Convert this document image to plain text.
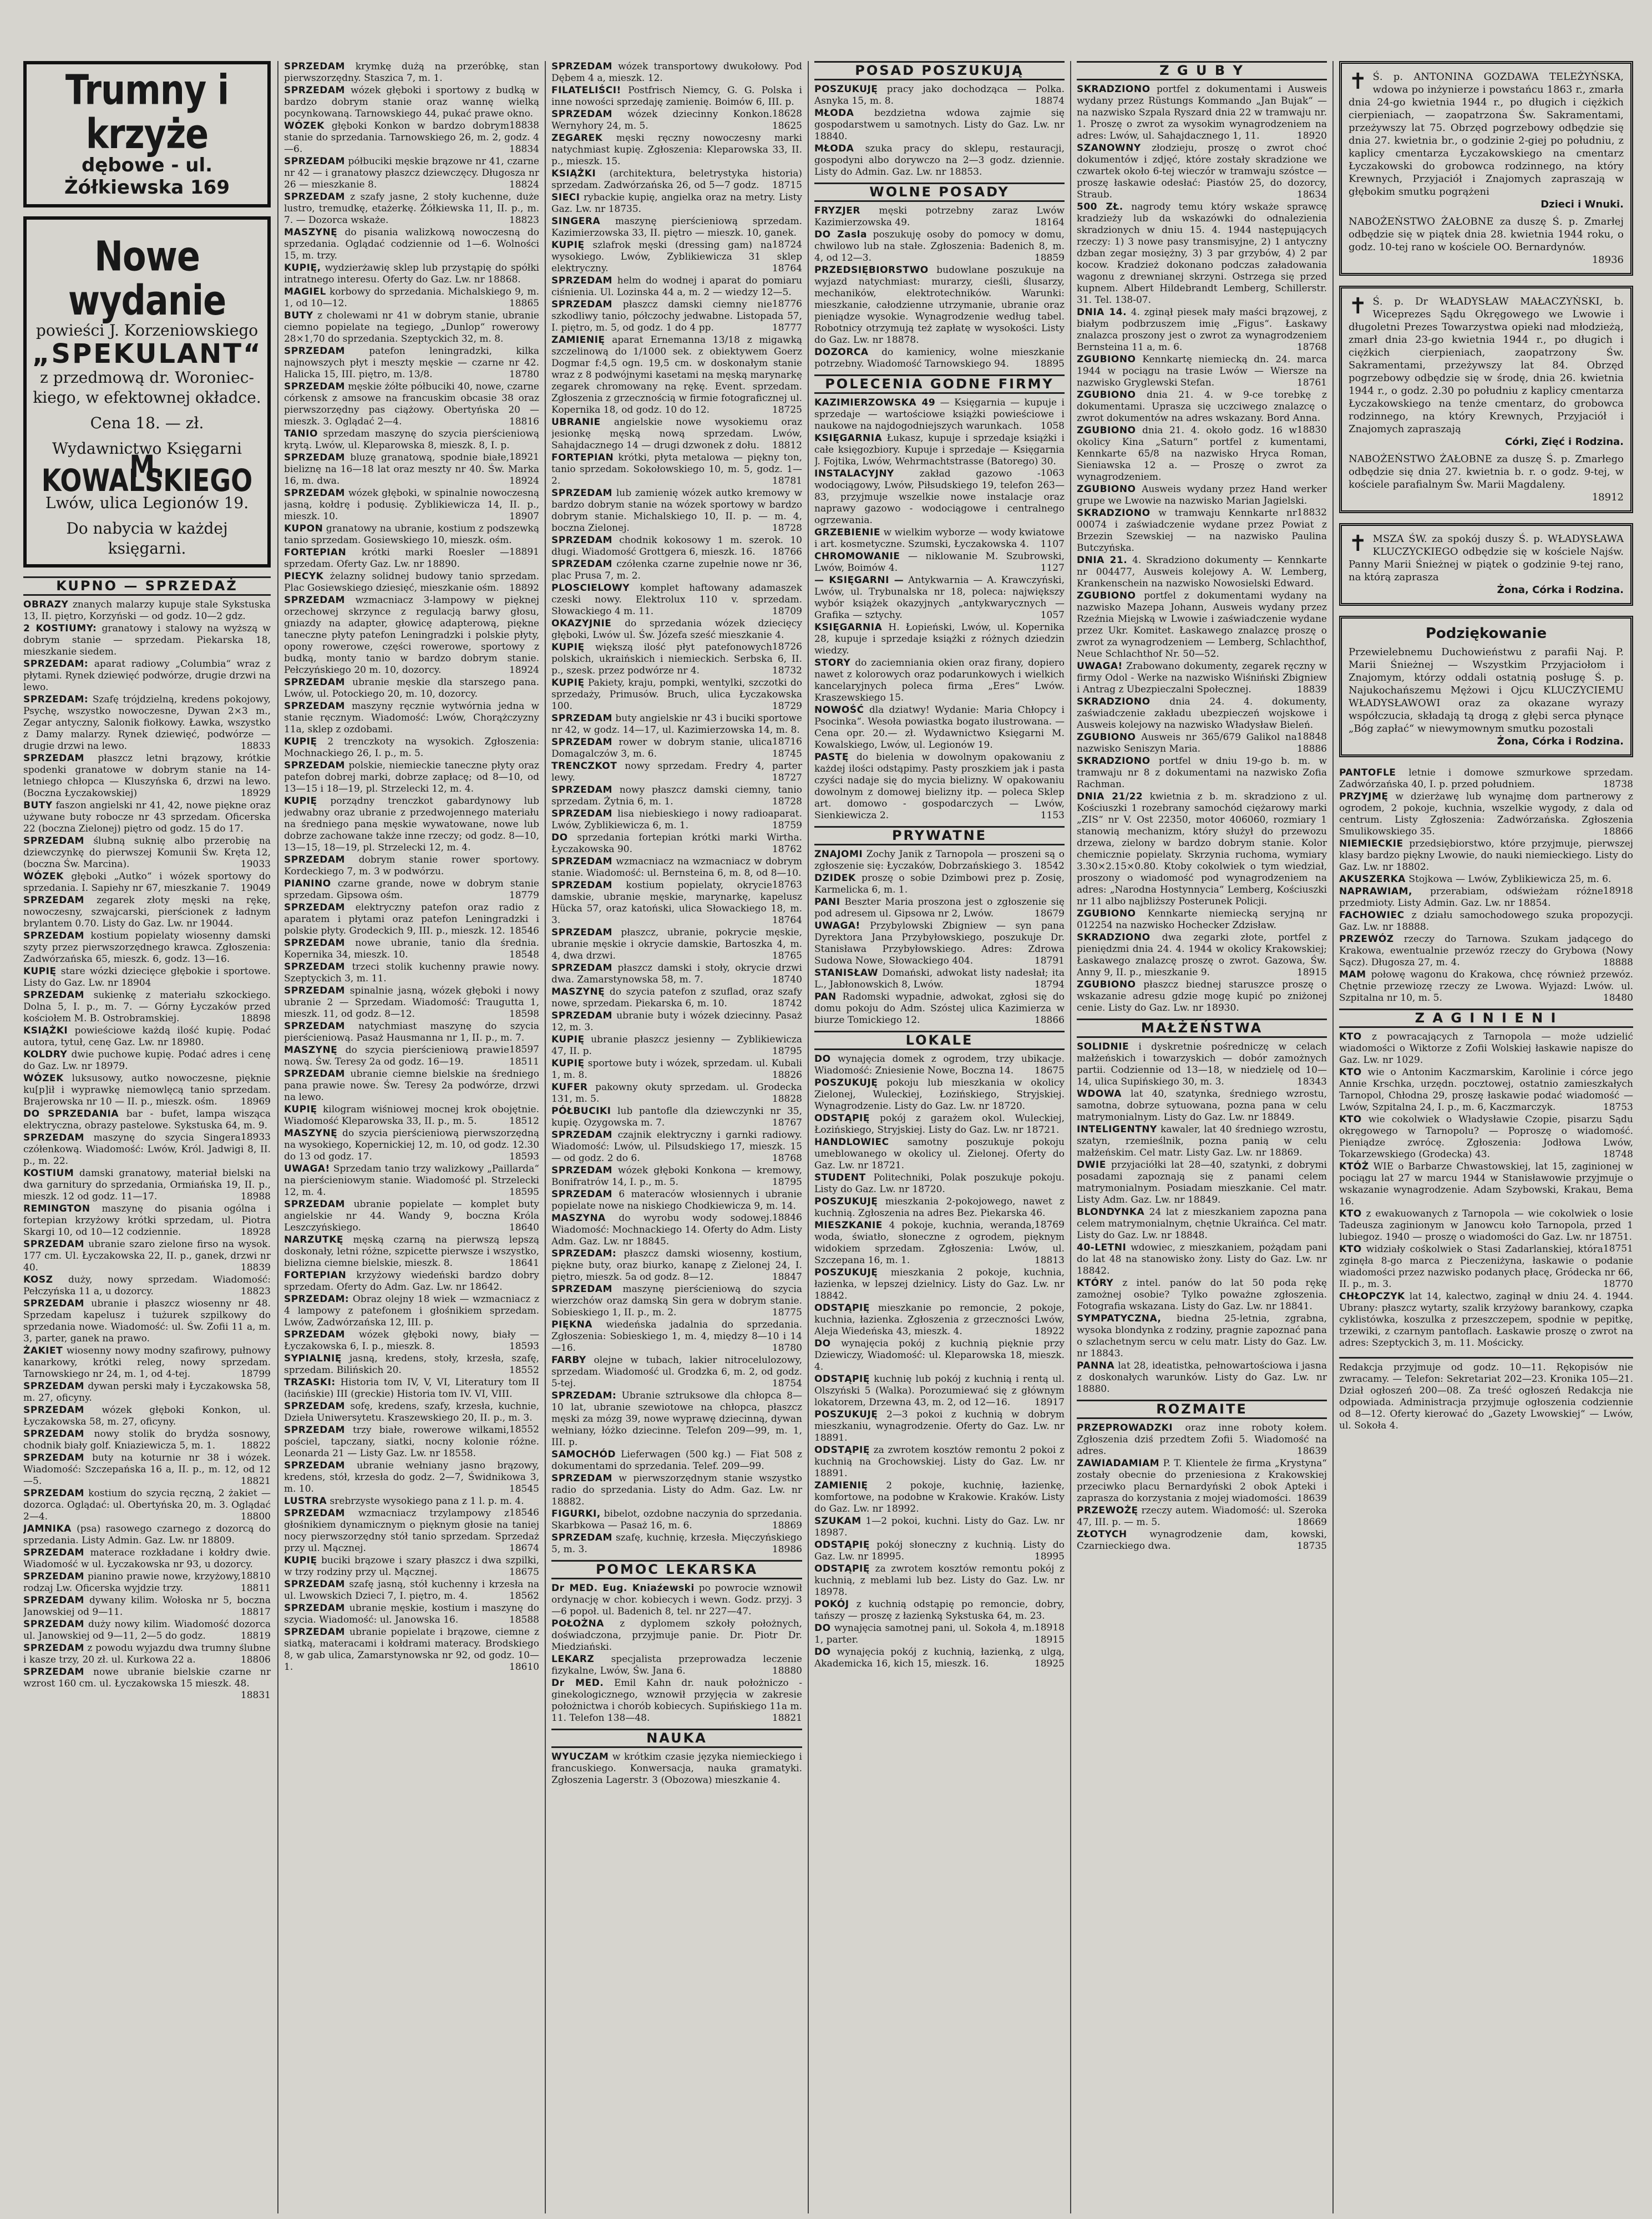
Trumny i krzyże
dębowe - ul. Żółkiewska 169
Nowe wydanie
powieści J. Korzeniowskiego
„SPEKULANT“
z przedmową dr. Woroniec-kiego, w efektownej okładce.
Cena 18. — zł.
Wydawnictwo Księgarni
M. KOWALSKIEGO
Lwów, ulica Legionów 19.
Do nabycia w każdej księgarni.
KUPNO — SPRZEDAŻ

OBRAZY znanych malarzy kupuje stale Sykstuska 13, II. piętro, Korzyński — od godz. 10—2 gdz.

2 KOSTIUMY: granatowy i stalowy na wyższą w dobrym stanie — sprzedam. Piekarska 18, mieszkanie siedem.

SPRZEDAM: aparat radiowy „Columbia“ wraz z płytami. Rynek dziewięć podwórze, drugie drzwi na lewo.

SPRZEDAM: Szafę trójdzielną, kredens pokojowy, Psychę, wszystko nowoczesne, Dywan 2×3 m., Zegar antyczny, Salonik fiołkowy. Ławka, wszystko z Damy malarzy. Rynek dziewięć, podwórze — drugie drzwi na lewo.	18833

SPRZEDAM płaszcz letni brązowy, krótkie spodenki granatowe w dobrym stanie na 14-letniego chłopca — Kluszyńska 6, drzwi na lewo. (Boczna Łyczakowskiej)	18929

BUTY faszon angielski nr 41, 42, nowe piękne oraz używane buty robocze nr 43 sprzedam. Oficerska 22 (boczna Zielonej) piętro od godz. 15 do 17.

SPRZEDAM ślubną suknię albo przerobię na dziewczynkę do pierwszej Komunii Św. Kręta 12, (boczna Św. Marcina).	19033

WÓZEK głęboki „Autko“ i wózek sportowy do sprzedania. I. Sapiehy nr 67, mieszkanie 7. 19049

SPRZEDAM zegarek złoty męski na rękę, nowoczesny, szwajcarski, pierścionek z ładnym brylantem 0.70. Listy do Gaz. Lw. nr 19044.

SPRZEDAM kostium popielaty wiosenny damski szyty przez pierwszorzędnego krawca. Zgłoszenia: Zadwórzańska 65, mieszk. 6, godz. 13—16.

KUPIĘ stare wózki dziecięce głębokie i sportowe. Listy do Gaz. Lw. nr 18904

SPRZEDAM sukienkę z materiału szkockiego. Dolna 5, I. p., m. 7. — Górny Łyczaków przed kościołem M. B. Ostrobramskiej.	18898

KSIĄŻKI powieściowe każdą ilość kupię. Podać autora, tytuł, cenę Gaz. Lw. nr 18980.

KOLDRY dwie puchowe kupię. Podać adres i cenę do Gaz. Lw. nr 18979.

WÓZEK luksusowy, autko nowoczesne, pięknie ku[p]ił i wyprawkę niemowlęcą tanio sprzedam. Brajerowska nr 10 — II. p., mieszk. ośm. 18969

DO SPRZEDANIA bar - bufet, lampa wisząca elektryczna, obrazy pastelowe. Sykstuska 64, m. 9.
18933

SPRZEDAM maszynę do szycia Singera czółenkową. Wiadomość: Lwów, Król. Jadwigi 8, II. p., m. 22.

KOSTIUM damski granatowy, materiał bielski na dwa garnitury do sprzedania, Ormiańska 19, II. p., mieszk. 12 od godz. 11—17.	18988

REMINGTON maszynę do pisania ogólna i fortepian krzyżowy krótki sprzedam, ul. Piotra Skargi 10, od 10—12 codziennie.	18928

SPRZEDAM ubranie szaro zielone firso na wysok. 177 cm. Ul. Łyczakowska 22, II. p., ganek, drzwi nr 40.	18839

KOSZ duży, nowy sprzedam. Wiadomość: Pełczyńska 11 a, u dozorcy.	18823

SPRZEDAM ubranie i płaszcz wiosenny nr 48. Sprzedam kapelusz i tużurek szpilkowy do sprzedania nowe. Wiadomość: ul. Św. Zofii 11 a, m. 3, parter, ganek na prawo.

ŻAKIET wiosenny nowy modny szafirowy, pułnowy kanarkowy, krótki releg, nowy sprzedam. Tarnowskiego nr 24, m. 1, od 4-tej.	18799

SPRZEDAM dywan perski mały i Łyczakowska 58, m. 27, oficyny.

SPRZEDAM wózek głęboki Konkon, ul. Łyczakowska 58, m. 27, oficyny.

SPRZEDAM nowy stolik do brydża sosnowy, chodnik biały golf. Kniaziewicza 5, m. 1.	18822

SPRZEDAM buty na koturnie nr 38 i wózek. Wiadomość: Szczepańska 16 a, II. p., m. 12, od 12—5.	18821

SPRZEDAM kostium do szycia ręczną, 2 żakiet — dozorca. Oglądać: ul. Obertyńska 20, m. 3. Oglądać 2—4.	18800

JAMNIKA (psa) rasowego czarnego z dozorcą do sprzedania. Listy Admin. Gaz. Lw. nr 18809.

SPRZEDAM materace rozkładane i kołdry dwie. Wiadomość w ul. Łyczakowska nr 93, u dozorcy.
18810

SPRZEDAM pianino prawie nowe, krzyżowy, rodzaj Lw. Oficerska wyjdzie trzy.	18811

SPRZEDAM dywany kilim. Wołoska nr 5, boczna Janowskiej od 9—11.	18817

SPRZEDAM duży nowy kilim. Wiadomość dozorca ul. Janowskiej od 9—11, 2—5 do godz.	18819

SPRZEDAM z powodu wyjazdu dwa trumny ślubne i kasze trzy, 20 zł. ul. Kurkowa 22 a.	18806

SPRZEDAM nowe ubranie bielskie czarne nr wzrost 160 cm. ul. Łyczakowska 15 mieszk. 48.
18831

SPRZEDAM krymkę dużą na przeróbkę, stan pierwszorzędny. Staszica 7, m. 1.

SPRZEDAM wózek głęboki i sportowy z budką w bardzo dobrym stanie oraz wannę wielką pocynkowaną. Tarnowskiego 44, pukać prawe okno.
18838

WÓZEK głęboki Konkon w bardzo dobrym stanie do sprzedania. Tarnowskiego 26, m. 2, godz. 4—6.	18834

SPRZEDAM półbuciki męskie brązowe nr 41, czarne nr 42 — i granatowy płaszcz dziewczęcy. Długosza nr 26 — mieszkanie 8.	18824

SPRZEDAM z szafy jasne, 2 stoły kuchenne, duże lustro, tremudkę, etażerkę. Żółkiewska 11, II. p., m. 7. — Dozorca wskaże.	18823

MASZYNĘ do pisania walizkową nowoczesną do sprzedania. Oglądać codziennie od 1—6. Wolności 15, m. trzy.

KUPIĘ, wydzierżawię sklep lub przystąpię do spółki intratnego interesu. Oferty do Gaz. Lw. nr 18868.

MAGIEL korbowy do sprzedania. Michalskiego 9, m. 1, od 10—12.	18865

BUTY z cholewami nr 41 w dobrym stanie, ubranie ciemno popielate na tegiego, „Dunlop“ rowerowy 28×1,70 do sprzedania. Szeptyckich 32, m. 8.

SPRZEDAM patefon leningradzki, kilka najnowszych płyt i meszty męskie — czarne nr 42. Halicka 15, III. piętro, m. 13/8.	18780

SPRZEDAM męskie żółte półbuciki 40, nowe, czarne córkensk z amsowe na francuskim obcasie 38 oraz pierwszorzędny pas ciążowy. Obertyńska 20 — mieszk. 3. Oglądać 2—4.	18816

TANIO sprzedam maszynę do szycia pierścieniową krytą. Lwów, ul. Kleparowska 8, mieszk. 8, I. p.
18921

SPRZEDAM bluzę granatową, spodnie białe, bieliznę na 16—18 lat oraz meszty nr 40. Św. Marka 16, m. dwa.	18924

SPRZEDAM wózek głęboki, w spinalnie nowoczesną jasną, kołdrę i podusię. Zyblikiewicza 14, II. p., mieszk. 10.	18907

KUPON granatowy na ubranie, kostium z podszewką tanio sprzedam. Gosiewskiego 10, mieszk. ośm.
18891

FORTEPIAN krótki marki Roesler — sprzedam. Oferty Gaz. Lw. nr 18890.

PIECYK żelazny solidnej budowy tanio sprzedam. Plac Gosiewskiego dziesięć, mieszkanie ośm. 18892

SPRZEDAM wzmacniacz 3-lampowy w pięknej orzechowej skrzynce z regulacją barwy głosu, gniazdy na adapter, głowicę adapterową, piękne taneczne płyty patefon Leningradzki i polskie płyty, opony rowerowe, części rowerowe, sportowy z budką, monty tanio w bardzo dobrym stanie. Pełczyńskiego 20 m. 10, dozorcy.	18924

SPRZEDAM ubranie męskie dla starszego pana. Lwów, ul. Potockiego 20, m. 10, dozorcy.

SPRZEDAM maszyny ręcznie wytwórnia jedna w stanie ręcznym. Wiadomość: Lwów, Chorążczyzny 11a, skleр z ozdobami.

KUPIĘ 2 trenczkoty na wysokich. Zgłoszenia: Mochnackiego 26, I. p., m. 5.

SPRZEDAM polskie, niemieckie taneczne płyty oraz patefon dobrej marki, dobrze zapłacę; od 8—10, od 13—15 i 18—19, pl. Strzelecki 12, m. 4.

KUPIĘ porządny trenczkot gabardynowy lub jedwabny oraz ubranie z przedwojennego materiału na średniego pana męskie wywatowane, nowe lub dobrze zachowane także inne rzeczy; od godz. 8—10, 13—15, 18—19, pl. Strzelecki 12, m. 4.

SPRZEDAM dobrym stanie rower sportowy. Kordeckiego 7, m. 3 w podwórzu.

PIANINO czarne grande, nowe w dobrym stanie sprzedam. Gipsowa ośm.	18779

SPRZEDAM elektryczny patefon oraz radio z aparatem i płytami oraz patefon Leningradzki i polskie płyty. Grodeckich 9, III. p., mieszk. 12. 18546

SPRZEDAM nowe ubranie, tanio dla średnia. Kopernika 34, mieszk. 10.	18548

SPRZEDAM trzeci stolik kuchenny prawie nowy. Szeptyckich 3, m. 11.

SPRZEDAM spinalnie jasną, wózek głęboki i nowy ubranie 2 — Sprzedam. Wiadomość: Traugutta 1, mieszk. 11, od godz. 8—12.	18598

SPRZEDAM natychmiast maszynę do szycia pierścieniową. Pasaż Hausmanna nr 1, II. p., m. 7.
18597

MASZYNĘ do szycia pierścieniową prawie nową. Św. Teresy 2a od godz. 16—19.	18511

SPRZEDAM ubranie ciemne bielskie na średniego pana prawie nowe. Św. Teresy 2a podwórze, drzwi na lewo.

KUPIĘ kilogram wiśniowej mocnej krok obojętnie. Wiadomość Kleparowska 33, II. p., m. 5.	18512

MASZYNĘ do szycia pierścieniową pierwszorzędną na wysokiego, Kopernickiej 12, m. 10, od godz. 12.30 do 13 od godz. 17.	18593

UWAGA! Sprzedam tanio trzy walizkowy „Paillarda“ na pierścieniowym stanie. Wiadomość pl. Strzelecki 12, m. 4.	18595

SPRZEDAM ubranie popielate — komplet buty angielskie nr 44. Wandy 9, boczna Króla Leszczyńskiego.	18640

NARZUTKĘ męską czarną na pierwszą lepszą doskonały, letni różne, szpicette pierwsze i wszystko, bielizna ciemne bielskie, mieszk. 8.	18641

FORTEPIAN krzyżowy wiedeński bardzo dobry sprzedam. Oferty do Adm. Gaz. Lw. nr 18642.

SPRZEDAM: Obraz olejny 18 wiek — wzmacniacz z 4 lampowy z patefonem i głośnikiem sprzedam. Lwów, Zadwórzańska 12, III. p.

SPRZEDAM wózek głęboki nowy, biały — Łyczakowska 6, I. p., mieszk. 8.	18593

SYPIALNIĘ jasną, kredens, stoły, krzesła, szafę, sprzedam. Bilińskich 20.	18552

TRZASKI: Historia tom IV, V, VI, Literatury tom II (łacińskie) III (greckie) Historia tom IV. VI, VIII.

SPRZEDAM sofę, kredens, szafy, krzesła, kuchnie, Dzieła Uniwersytetu. Kraszewskiego 20, II. p., m. 3.
18552

SPRZEDAM trzy białe, rowerowe wilkami, pościel, tapczany, siatki, nocny kolonie różne. Leonarda 21 — Listy Gaz. Lw. nr 18558.

SPRZEDAM ubranie wełniany jasno brązowy, kredens, stół, krzesła do godz. 2—7, Świdnikowa 3, m. 10.	18545

LUSTRA srebrzyste wysokiego pana z 1 l. p. m. 4.
18546

SPRZEDAM wzmacniacz trzylampowy z głośnikiem dynamicznym o pięknym głosie na taniej nocy pierwszorzędny stół tanio sprzedam. Sprzedaż przy ul. Mącznej.	18674

KUPIĘ buciki brązowe i szary płaszcz i dwa szpilki, w trzy rodziny przy ul. Mącznej.	18675

SPRZEDAM szafę jasną, stół kuchenny i krzesła na ul. Lwowskich Dzieci 7, I. piętro, m. 4.	18562

SPRZEDAM ubranie męskie, kostium i maszynę do szycia. Wiadomość: ul. Janowska 16.	18588

SPRZEDAM ubranie popielate i brązowe, ciemne z siatką, materacami i kołdrami materacy. Brodskiego 8, w gab ulica, Zamarstynowska nr 92, od godz. 10—1.	18610

SPRZEDAM wózek transportowy dwukołowy. Pod Dębem 4 a, mieszk. 12.

FILATELIŚCI! Postfrisch Niemcy, G. G. Polska i inne nowości sprzedaję zamienię. Boimów 6, III. p.
18628

SPRZEDAM wózek dziecinny Konkon. Wernyhory 24, m. 5.	18625

ZEGAREK męski ręczny nowoczesny marki natychmiast kupię. Zgłoszenia: Kleparowska 33, II. p., mieszk. 15.

KSIĄŻKI (architektura, beletrystyka historia) sprzedam. Zadwórzańska 26, od 5—7 godz. 18715

SIECI rybackie kupię, angielka oraz na metry. Listy Gaz. Lw. nr 18735.

SINGERA maszynę pierścieniową sprzedam. Kazimierzowska 33, II. piętro — mieszk. 10, ganek.
18724

KUPIĘ szlafrok męski (dressing gam) na wysokiego. Lwów, Zyblikiewicza 31 sklep elektryczny.	18764

SPRZEDAM helm do wodnej i aparat do pomiaru ciśnienia. Ul. Lozinska 44 a, m. 2 — wiedzy 12—5.
18776

SPRZEDAM płaszcz damski ciemny nie szkodliwy tanio, półczochy jedwabne. Listopada 57, I. piętro, m. 5, od godz. 1 do 4 pp.	18777

ZAMIENIĘ aparat Ernemanna 13/18 z migawką szczelinową do 1/1000 sek. z obiektywem Goerz Dogmar f:4,5 ogn. 19,5 cm. w doskonałym stanie wraz z 8 podwójnymi kasetami na męską marynarkę zegarek chromowany na rękę. Event. sprzedam. Zgłoszenia z grzecznością w firmie fotograficznej ul. Kopernika 18, od godz. 10 do 12.	18725

UBRANIE angielskie nowe wysokiemu oraz jesionkę męską nową sprzedam. Lwów, Sahajdacznego 14 — drugi dzwonek z dołu. 18812

FORTEPIAN krótki, płyta metalowa — piękny ton, tanio sprzedam. Sokołowskiego 10, m. 5, godz. 1—2.	18781

SPRZEDAM lub zamienię wózek autko kremowy w bardzo dobrym stanie na wózek sportowy w bardzo dobrym stanie. Michalskiego 10, II. p. — m. 4, boczna Zielonej.	18728

SPRZEDAM chodnik kokosowy 1 m. szerok. 10 długi. Wiadomość Grottgera 6, mieszk. 16. 18766

SPRZEDAM czółenka czarne zupełnie nowe nr 36, plac Prusa 7, m. 2.

PLOSCIELOWY komplet haftowany adamaszek czeski nowy. Elektrolux 110 v. sprzedam. Słowackiego 4 m. 11.	18709

OKAZYJNIE do sprzedania wózek dziecięcy głęboki, Lwów ul. Św. Józefa sześć mieszkanie 4.
18726

KUPIĘ większą ilość płyt patefonowych polskich, ukraińskich i niemieckich. Serbska 6, II. p., szesk. przez podwórze nr 4.	18732

KUPIĘ Pakiety, kraju, pompki, wentylki, szczotki do sprzedaży, Primusów. Bruch, ulica Łyczakowska 100.	18729

SPRZEDAM buty angielskie nr 43 i buciki sportowe nr 42, w godz. 14—17, ul. Kazimierzowska 14, m. 8.
18716

SPRZEDAM rower w dobrym stanie, ulica Domagalczów 3, m. 6.	18745

TRENCZKOT nowy sprzedam. Fredry 4, parter lewy.	18727

SPRZEDAM nowy płaszcz damski ciemny, tanio sprzedam. Żytnia 6, m. 1.	18728

SPRZEDAM lisa niebieskiego i nowy radioaparat. Lwów, Zyblikiewicza 6, m. 1.	18759

DO sprzedania fortepian krótki marki Wirtha. Łyczakowska 90.	18762

SPRZEDAM wzmacniacz na wzmacniacz w dobrym stanie. Wiadomość: ul. Bernsteina 6, m. 8, od 8—10.
18763

SPRZEDAM kostium popielaty, okrycie damskie, ubranie męskie, marynarkę, kapelusz Hücka 57, oraz katoński, ulica Słowackiego 18, m. 3.	18764

SPRZEDAM płaszcz, ubranie, pokrycie męskie, ubranie męskie i okrycie damskie, Bartoszka 4, m. 4, dwa drzwi.	18765

SPRZEDAM płaszcz damski i stoły, okrycie drzwi dwa. Zamarstynowska 58, m. 7.	18740

MASZYNĘ do szycia patefon z szuflad, oraz szafy nowe, sprzedam. Piekarska 6, m. 10.	18742

SPRZEDAM ubranie buty i wózek dziecinny. Pasaż 12, m. 3.

KUPIĘ ubranie płaszcz jesienny — Zyblikiewicza 47, II. p.	18795

KUPIĘ sportowe buty i wózek, sprzedam. ul. Kubali 1, m. 8.	18826

KUFER pakowny okuty sprzedam. ul. Grodecka 131, m. 5.	18828

PÓŁBUCIKI lub pantofle dla dziewczynki nr 35, kupię. Ozygowska m. 7.	18767

SPRZEDAM czajnik elektryczny i garnki radiowy. Wiadomość: Lwów, ul. Pilsudskiego 17, mieszk. 15 — od godz. 2 do 6.	18768

SPRZEDAM wózek głęboki Konkona — kremowy, Bonifratrów 14, I. p., m. 5.	18795

SPRZEDAM 6 materaców włosiennych i ubranie popielate nowe na niskiego Chodkiewicza 9, m. 14.
18846

MASZYNA do wyrobu wody sodowej. Wiadomość: Mochnackiego 14. Oferty do Adm. Listy Adm. Gaz. Lw. nr 18845.

SPRZEDAM: płaszcz damski wiosenny, kostium, piękne buty, oraz biurko, kanapę z Zielonej 24, I. piętro, mieszk. 5a od godz. 8—12.	18847

SPRZEDAM maszynę pierścieniową do szycia wierzchów oraz damską Sin gera w dobrym stanie. Sobieskiego 1, II. p., m. 2.	18775

PIĘKNA wiedeńska jadalnia do sprzedania. Zgłoszenia: Sobieskiego 1, m. 4, między 8—10 i 14—16.	18780

FARBY olejne w tubach, lakier nitrocelulozowy, sprzedam. Wiadomość ul. Grodzka 6, m. 2, od godz. 5-tej.	18754

SPRZEDAM: Ubranie sztruksowe dla chłopca 8—10 lat, ubranie szewiotowe na chłopca, płaszcz męski za mózg 39, nowe wyprawę dziecinną, dywan wełniany, łóżko dziecinne. Telefon 209—99, m. 1, III. p.

SAMOCHÓD Lieferwagen (500 kg.) — Fiat 508 z dokumentami do sprzedania. Telef. 209—99.

SPRZEDAM w pierwszorzędnym stanie wszystko radio do sprzedania. Listy do Adm. Gaz. Lw. nr 18882.

FIGURKI, bibelot, ozdobne naczynia do sprzedania. Skarbkowa — Pasaż 16, m. 6.	18869

SPRZEDAM szafę, kuchnię, krzesła. Mięczyńskiego 5, m. 3.	18986

POMOC LEKARSKA

Dr MED. Eug. Kniaźewski po powrocie wznowił ordynację w chor. kobiecych i wewn. Godz. przyj. 3—6 popoł. ul. Badenich 8, tel. nr 227—47.

POŁOŻNA z dyplomem szkoły położnych, doświadczona, przyjmuje panie. Dr. Piotr Dr. Miedziański.

LEKARZ specjalista przeprowadza leczenie fizykalne, Lwów, Św. Jana 6.	18880

Dr MED. Emil Kahn dr. nauk położniczo - ginekologicznego, wznowił przyjęcia w zakresie położnictwa i chorób kobiecych. Supińskiego 11a m. 11. Telefon 138—48.	18821

NAUKA

WYUCZAM w krótkim czasie języka niemieckiego i francuskiego. Konwersacja, nauka gramatyki. Zgłoszenia Lagerstr. 3 (Obozowa) mieszkanie 4.

POSAD POSZUKUJĄ

POSZUKUJĘ pracy jako dochodząca — Polka. Asnyka 15, m. 8.	18874

MŁODA bezdzietna wdowa zajmie się gospodarstwem u samotnych. Listy do Gaz. Lw. nr 18840.

MŁODA szuka pracy do sklepu, restauracji, gospodyni albo dorywczo na 2—3 godz. dziennie. Listy do Admin. Gaz. Lw. nr 18853.

WOLNE POSADY

FRYZJER męski potrzebny zaraz Lwów Kazimierzowska 49.	18164

DO Zasla poszukuję osoby do pomocy w domu, chwilowo lub na stałe. Zgłoszenia: Badenich 8, m. 4, od 12—3.	18859

PRZEDSIĘBIORSTWO budowlane poszukuje na wyjazd natychmiast: murarzy, cieśli, ślusarzy, mechaników, elektrotechników. Warunki: mieszkanie, całodzienne utrzymanie, ubranie oraz pieniądze wysokie. Wynagrodzenie według tabel. Robotnicy otrzymują też zapłatę w wysokości. Listy do Gaz. Lw. nr 18878.

DOZORCA do kamienicy, wolne mieszkanie potrzebny. Wiadomość Tarnowskiego 94.	18895

POLECENIA GODNE FIRMY

KAZIMIERZOWSKA 49 — Księgarnia — kupuje i sprzedaje — wartościowe książki powieściowe i naukowe na najdogodniejszych warunkach. 1058

KSIĘGARNIA Łukasz, kupuje i sprzedaje książki i całe księgozbiory. Kupuje i sprzedaje — Księgarnia J. Fojtika, Lwów, Wehrmachtstrasse (Batorego) 30.
1063

INSTALACYJNY zakład gazowo - wodociągowy, Lwów, Piłsudskiego 19, telefon 263—83, przyjmuje wszelkie nowe instalacje oraz naprawy gazowo - wodociągowe i centralnego ogrzewania.

GRZEBIENIE w wielkim wyborze — wody kwiatowe i art. kosmetyczne. Szumski, Łyczakowska 4. 1107

CHROMOWANIE — niklowanie M. Szubrowski, Lwów, Boimów 4.	1127

— KSIĘGARNI — Antykwarnia — A. Krawczyński, Lwów, ul. Trybunalska nr 18, poleca: największy wybór książek okazyjnych „antykwarycznych — Grafika — sztychy.	1057

KSIĘGARNIA H. Łopieński, Lwów, ul. Kopernika 28, kupuje i sprzedaje książki z różnych dziedzin wiedzy.

STORY do zaciemniania okien oraz firany, dopiero nawet z kolorowych oraz podarunkowych i wielkich kancelaryjnych poleca firma „Eres“ Lwów. Kraszewskiego 15.

NOWOŚĆ dla dziatwy! Wydanie: Maria Chłopcy i Psocinka“. Wesoła powiastka bogato ilustrowana. — Cena opr. 20.— zł. Wydawnictwo Księgarni M. Kowalskiego, Lwów, ul. Legionów 19.

PASTĘ do bielenia w dowolnym opakowaniu z każdej ilości odstąpimy. Pasty proszkiem jak i pasta czyści nadaje się do mycia bielizny. W opakowaniu dowolnym z domowej bielizny itp. — poleca Sklep art. domowo - gospodarczych — Lwów, Sienkiewicza 2.	1153

PRYWATNE

ZNAJOMI Zochy Janik z Tarnopola — proszeni są o zgłoszenie się: Łyczaków, Dobrzańskiego 3. 18542

DZIDEK proszę o sobie Dzimbowi prez p. Zosię, Karmelicka 6, m. 1.

PANI Beszter Maria proszona jest o zgłoszenie się pod adresem ul. Gipsowa nr 2, Lwów.	18679

UWAGA! Przybylowski Zbigniew — syn pana Dyrektora Jana Przybyłowskiego, poszukuje Dr. Stanisława Przybyłowskiego. Adres: Zdrowa Sudowa Nowe, Słowackiego 404.	18791

STANISŁAW Domański, adwokat listy nadesłał; ita L., Jabłonowskich 8, Lwów.	18794

PAN Radomski wypadnie, adwokat, zgłosi się do domu pokoju do Adm. Szóstej ulica Kazimierza w biurze Tomickiego 12.	18866

LOKALE

DO wynajęcia domek z ogrodem, trzy ubikacje. Wiadomość: Zniesienie Nowe, Boczna 14. 18675

POSZUKUJĘ pokoju lub mieszkania w okolicy Zielonej, Wuleckiej, Łozińskiego, Stryjskiej. Wynagrodzenie. Listy do Gaz. Lw. nr 18720.

ODSTĄPIĘ pokój z garażem okol. Wuleckiej, Łozińskiego, Stryjskiej. Listy do Gaz. Lw. nr 18721.

HANDLOWIEC samotny poszukuje pokoju umeblowanego w okolicy ul. Zielonej. Oferty do Gaz. Lw. nr 18721.

STUDENT Politechniki, Polak poszukuje pokoju. Listy do Gaz. Lw. nr 18720.

POSZUKUJĘ mieszkania 2-pokojowego, nawet z kuchnią. Zgłoszenia na adres Bez. Piekarska 46.
18769

MIESZKANIE 4 pokoje, kuchnia, weranda, woda, światło, słoneczne z ogrodem, pięknym widokiem sprzedam. Zgłoszenia: Lwów, ul. Szczepana 16, m. 1.	18813

POSZUKUJĘ mieszkania 2 pokoje, kuchnia, łazienka, w lepszej dzielnicy. Listy do Gaz. Lw. nr 18842.

ODSTĄPIĘ mieszkanie po remoncie, 2 pokoje, kuchnia, łazienka. Zgłoszenia z grzeczności Lwów, Aleja Wiedeńska 43, mieszk. 4.	18922

DO wynajęcia pokój z kuchnią pięknie przy Dziewiczy, Wiadomość: ul. Kleparowska 18, mieszk. 4.

ODSTĄPIĘ kuchnię lub pokój z kuchnią i rentą ul. Olszyński 5 (Walka). Porozumiewać się z głównym lokatorem, Drzewna 43, m. 2, od 12—16.	18917

POSZUKUJĘ 2—3 pokoi z kuchnią w dobrym mieszkaniu, wynagrodzenie. Oferty do Gaz. Lw. nr 18891.

ODSTĄPIĘ za zwrotem kosztów remontu 2 pokoi z kuchnią na Grochowskiej. Listy do Gaz. Lw. nr 18891.

ZAMIENIĘ 2 pokoje, kuchnię, łazienkę, komfortowe, na podobne w Krakowie. Kraków. Listy do Gaz. Lw. nr 18992.

SZUKAM 1—2 pokoi, kuchni. Listy do Gaz. Lw. nr 18987.

ODSTĄPIĘ pokój słoneczny z kuchnią. Listy do Gaz. Lw. nr 18995.	18995

ODSTĄPIĘ za zwrotem kosztów remontu pokój z kuchnią, z meblami lub bez. Listy do Gaz. Lw. nr 18978.

POKÓJ z kuchnią odstąpię po remoncie, dobry, tańszy — proszę z łazienką Sykstuska 64, m. 23.
18918

DO wynajęcia samotnej pani, ul. Sokoła 4, m. 1, parter.	18915

DO wynajęcia pokój z kuchnią, łazienką, z ulgą, Akademicka 16, kich 15, mieszk. 16.	18925

Z G U B Y

SKRADZIONO portfel z dokumentami i Ausweis wydany przez Rüstungs Kommando „Jan Bujak“ — na nazwisko Szpala Ryszard dnia 22 w tramwaju nr. 1. Proszę o zwrot za wysokim wynagrodzeniem na adres: Lwów, ul. Sahajdacznego 1, 11.	18920

SZANOWNY złodzieju, proszę o zwrot choć dokumentów i zdjęć, które zostały skradzione we czwartek około 6-tej wieczór w tramwaju szóstce — proszę łaskawie odesłać: Piastów 25, do dozorcy, Straub.	18634

500 ZŁ. nagrody temu który wskaże sprawcę kradzieży lub da wskazówki do odnalezienia skradzionych w dniu 15. 4. 1944 następujących rzeczy: 1) 3 nowe pasy transmisyjne, 2) 1 antyczny dzban zegar mosiężny, 3) 3 par grzybów, 4) 2 par kocow. Kradzież dokonano podczas załadowania wagonu z drewnianej skrzyni. Ostrzega się przed kupnem. Albert Hildebrandt Lemberg, Schillerstr. 31. Tel. 138-07.

DNIA 14. 4. zginął piesek mały maści brązowej, z białym podbrzuszem imię „Figus“. Łaskawy znalazca proszony jest o zwrot za wynagrodzeniem Bernsteina 11 a, m. 6.	18768

ZGUBIONO Kennkartę niemiecką dn. 24. marca 1944 w pociągu na trasie Lwów — Wiersze na nazwisko Gryglewski Stefan.	18761

ZGUBIONO dnia 21. 4. w 9-ce torebkę z dokumentami. Uprasza się uczciwego znalazcę o zwrot dokumentów na adres wskazany. Bord Anna.
18830

ZGUBIONO dnia 21. 4. około godz. 16 w okolicy Kina „Saturn“ portfel z kumentami, Kennkarte 65/8 na nazwisko Hryca Roman, Sieniawska 12 a. — Proszę o zwrot za wynagrodzeniem.

ZGUBIONO Ausweis wydany przez Hand werker grupe we Lwowie na nazwisko Marian Jagielski.
18832

SKRADZIONO w tramwaju Kennkarte nr 00074 i zaświadczenie wydane przez Powiat z Brzezin Szewskiej — na nazwisko Paulina Butczyńska.

DNIA 21. 4. Skradziono dokumenty — Kennkarte nr 004477, Ausweis kolejowy A. W. Lemberg, Krankenschein na nazwisko Nowosielski Edward.

ZGUBIONO portfel z dokumentami wydany na nazwisko Mazepa Johann, Ausweis wydany przez Rzeźnia Miejską w Lwowie i zaświadczenie wydane przez Ukr. Komitet. Łaskawego znalazcę proszę o zwrot za wynagrodzeniem — Lemberg, Schlachthof, Neue Schlachthof Nr. 50—52.

UWAGA! Zrabowano dokumenty, zegarek ręczny w firmy Odol - Werke na nazwisko Wiśniński Zbigniew i Antrag z Ubezpieczalni Społecznej.	18839

SKRADZIONO dnia 24. 4. dokumenty, zaświadczenie zakładu ubezpieczeń wojskowe i Ausweis kolejowy na nazwisko Władysław Bieleń.
18848

ZGUBIONO Ausweis nr 365/679 Galikol na nazwisko Seniszyn Maria.	18886

SKRADZIONO portfel w dniu 19-go b. m. w tramwaju nr 8 z dokumentami na nazwisko Zofia Rachman.

DNIA 21/22 kwietnia z b. m. skradziono z ul. Kościuszki 1 rozebrany samochód ciężarowy marki „ZIS“ nr V. Ost 22350, motor 406060, rozmiary 1 stanowią mechanizm, który służył do przewozu drzewa, zielony w bardzo dobrym stanie. Kolor chemicznie popielaty. Skrzynia ruchoma, wymiary 3.30×2.15×0.80. Ktoby cokolwiek o tym wiedział, proszony o wiadomość pod wynagrodzeniem na adres: „Narodna Hostynnycia“ Lemberg, Kościuszki nr 11 albo najbliższy Posterunek Policji.

ZGUBIONO Kennkarte niemiecką seryjną nr 012254 na nazwisko Hochecker Zdzisław.

SKRADZIONO dwa zegarki złote, portfel z pieniędzmi dnia 24. 4. 1944 w okolicy Krakowskiej; Łaskawego znalazcę proszę o zwrot. Gazowa, Św. Anny 9, II. p., mieszkanie 9.	18915

ZGUBIONO płaszcz biednej staruszce proszę o wskazanie adresu gdzie mogę kupić po zniżonej cenie. Listy do Gaz. Lw. nr 18930.

MAŁŻEŃSTWA

SOLIDNIE i dyskretnie pośredniczę w celach małżeńskich i towarzyskich — dobór zamożnych partii. Codziennie od 13—18, w niedzielę od 10—14, ulica Supińskiego 30, m. 3.	18343

WDOWA lat 40, szatynka, średniego wzrostu, samotna, dobrze sytuowana, pozna pana w celu matrymonialnym. Listy do Gaz. Lw. nr 18849.

INTELIGENTNY kawaler, lat 40 średniego wzrostu, szatyn, rzemieślnik, pozna panią w celu małżeńskim. Cel matr. Listy Gaz. Lw. nr 18869.

DWIE przyjaciółki lat 28—40, szatynki, z dobrymi posadami zapoznają się z panami celem matrymonialnym. Posiadam mieszkanie. Cel matr. Listy Adm. Gaz. Lw. nr 18849.

BLONDYNKA 24 lat z mieszkaniem zapozna pana celem matrymonialnym, chętnie Ukraińca. Cel matr. Listy do Gaz. Lw. nr 18848.

40-LETNI wdowiec, z mieszkaniem, pożądam pani do lat 48 na stanowisko żony. Listy do Gaz. Lw. nr 18842.

KTÓRY z intel. panów do lat 50 poda rękę zamożnej osobie? Tylko poważne zgłoszenia. Fotografia wskazana. Listy do Gaz. Lw. nr 18841.

SYMPATYCZNA, biedna 25-letnia, zgrabna, wysoka blondynka z rodziny, pragnie zapoznać pana o szlachetnym sercu w celu matr. Listy do Gaz. Lw. nr 18843.

PANNA lat 28, ideatistka, pełnowartościowa i jasna z doskonałych warunków. Listy do Gaz. Lw. nr 18880.

ROZMAITE

PRZEPROWADZKI oraz inne roboty kołem. Zgłoszenia dziś przedtem Zofii 5. Wiadomość na adres.	18639

ZAWIADAMIAM P. T. Klientele że firma „Krystyna“ zostały obecnie do przeniesiona z Krakowskiej przeciwko placu Bernardyński 2 obok Apteki i zaprasza do korzystania z mojej wiadomości. 18639

PRZEWOŻĘ rzeczy autem. Wiadomość: ul. Szeroka 47, III. p. — m. 5.	18669

ZŁOTYCH wynagrodzenie dam, kowski, Czarnieckiego dwa.	18735

✝ Ś. p. ANTONINA GOZDAWA TELEŻYŃSKA, wdowa po inżynierze i powstańcu 1863 r., zmarła dnia 24-go kwietnia 1944 r., po długich i ciężkich cierpieniach, — zaopatrzona Św. Sakramentami, przeżywszy lat 75. Obrzęd pogrzebowy odbędzie się dnia 27. kwietnia br., o godzinie 2-giej po południu, z kaplicy cmentarza Łyczakowskiego na cmentarz Łyczakowski do grobowca rodzinnego, na który Krewnych, Przyjaciół i Znajomych zapraszają w głębokim smutku pogrążeni
Dzieci i Wnuki.
NABOŻEŃSTWO ŻAŁOBNE za duszę Ś. p. Zmarłej odbędzie się w piątek dnia 28. kwietnia 1944 roku, o godz. 10-tej rano w kościele OO. Bernardynów.
18936
✝ Ś. p. Dr WŁADYSŁAW MAŁACZYŃSKI, b. Wiceprezes Sądu Okręgowego we Lwowie i długoletni Prezes Towarzystwa opieki nad młodzieżą, zmarł dnia 23-go kwietnia 1944 r., po długich i ciężkich cierpieniach, zaopatrzony Św. Sakramentami, przeżywszy lat 84. Obrzęd pogrzebowy odbędzie się w środę, dnia 26. kwietnia 1944 r., o godz. 2.30 po południu z kaplicy cmentarza Łyczakowskiego na tenże cmentarz, do grobowca rodzinnego, na który Krewnych, Przyjaciół i Znajomych zapraszają
Córki, Zięć i Rodzina.
NABOŻEŃSTWO ŻAŁOBNE za duszę Ś. p. Zmarłego odbędzie się dnia 27. kwietnia b. r. o godz. 9-tej, w kościele parafialnym Św. Marii Magdaleny.
18912
✝ MSZA ŚW. za spokój duszy Ś. p. WŁADYSŁAWA KLUCZYCKIEGO odbędzie się w kościele Najśw. Panny Marii Śnieżnej w piątek o godzinie 9-tej rano, na którą zaprasza
Żona, Córka i Rodzina.
Podziękowanie
Przewielebnemu Duchowieństwu z parafii Naj. P. Marii Śnieżnej — Wszystkim Przyjaciołom i Znajomym, którzy oddali ostatnią posługę Ś. p. Najukochańszemu Mężowi i Ojcu KLUCZYCIEMU WŁADYSŁAWOWI oraz za okazane wyrazy współczucia, składają tą drogą z głębi serca płynące „Bóg zapłać“ w niewymownym smutku pozostali
Żona, Córka i Rodzina.

PANTOFLE letnie i domowe szmurkowe sprzedam. Zadwórzańska 40, I. p. przed południem.	18738

PRZYJMĘ w dzierżawę lub wynajmę dom partnerowy z ogrodem, 2 pokoje, kuchnia, wszelkie wygody, z dala od centrum. Listy Zgłoszenia: Zadwórzańska. Zgłoszenia Smulikowskiego 35.	18866

NIEMIECKIE przedsiębiorstwo, które przyjmuje, pierwszej klasy bardzo piękny Lwowie, do nauki niemieckiego. Listy do Gaz. Lw. nr 18802.

AKUSZERKA Stojkowa — Lwów, Zyblikiewicza 25, m. 6.
18918

NAPRAWIAM, przerabiam, odświeżam różne przedmioty. Listy Admin. Gaz. Lw. nr 18854.

FACHOWIEC z działu samochodowego szuka propozycji. Gaz. Lw. nr 18888.

PRZEWÓZ rzeczy do Tarnowa. Szukam jadącego do Krakowa, ewentualnie przewóz rzeczy do Grybowa (Nowy Sącz). Długosza 27, m. 4.	18888

MAM połowę wagonu do Krakowa, chcę również przewóz. Chętnie przewiozę rzeczy ze Lwowa. Wyjazd: Lwów. ul. Szpitalna nr 10, m. 5.	18480

Z A G I N I E N I

KTO z powracających z Tarnopola — może udzielić wiadomości o Wiktorze z Zofii Wolskiej łaskawie napisze do Gaz. Lw. nr 1029.

KTO wie o Antonim Kaczmarskim, Karolinie i córce jego Annie Krschka, urzędn. pocztowej, ostatnio zamieszkałych Tarnopol, Chłodna 29, proszę łaskawie podać wiadomość — Lwów, Szpitalna 24, I. p., m. 6, Kaczmarczyk.	18753

KTO wie cokolwiek o Władysławie Czopie, pisarzu Sądu okręgowego w Tarnopolu? — Poproszę o wiadomość. Pieniądze zwrócę. Zgłoszenia: Jodłowa Lwów, Tokarzewskiego (Grodecka) 43.	18748

KTÓŻ WIE o Barbarze Chwastowskiej, lat 15, zaginionej w pociągu lat 27 w marcu 1944 w Stanisławowie przyjmuje o wskazanie wynagrodzenie. Adam Szybowski, Krakau, Bema 16.

KTO z ewakuowanych z Tarnopola — wie cokolwiek o losie Tadeusza zaginionym w Janowcu koło Tarnopola, przed 1 lubiegoz. 1940 — proszę o wiadomości do Gaz. Lw. nr 18751.
18751

KTO widziały cośkolwiek o Stasi Zadarlanskiej, która zginęła 8-go marca z Pieczeniżyna, łaskawie o podanie wiadomości przez nazwisko podanych płacę, Gródecka nr 66, II. p., m. 3.	18770

CHŁOPCZYK lat 14, kalectwo, zaginął w dniu 24. 4. 1944. Ubrany: płaszcz wytarty, szalik krzyżowy barankowy, czapka cyklistówka, koszulka z przeszczepem, spodnie w pepitkę, trzewiki, z czarnym pantoflach. Łaskawie proszę o zwrot na adres: Szeptyckich 3, m. 11. Mościcky.

Redakcja przyjmuje od godz. 10—11. Rękopisów nie zwracamy. — Telefon: Sekretariat 202—23. Kronika 105—21. Dział ogłoszeń 200—08. Za treść ogłoszeń Redakcja nie odpowiada. Administracja przyjmuje ogłoszenia codziennie od 8—12. Oferty kierować do „Gazety Lwowskiej“ — Lwów, ul. Sokoła 4.
